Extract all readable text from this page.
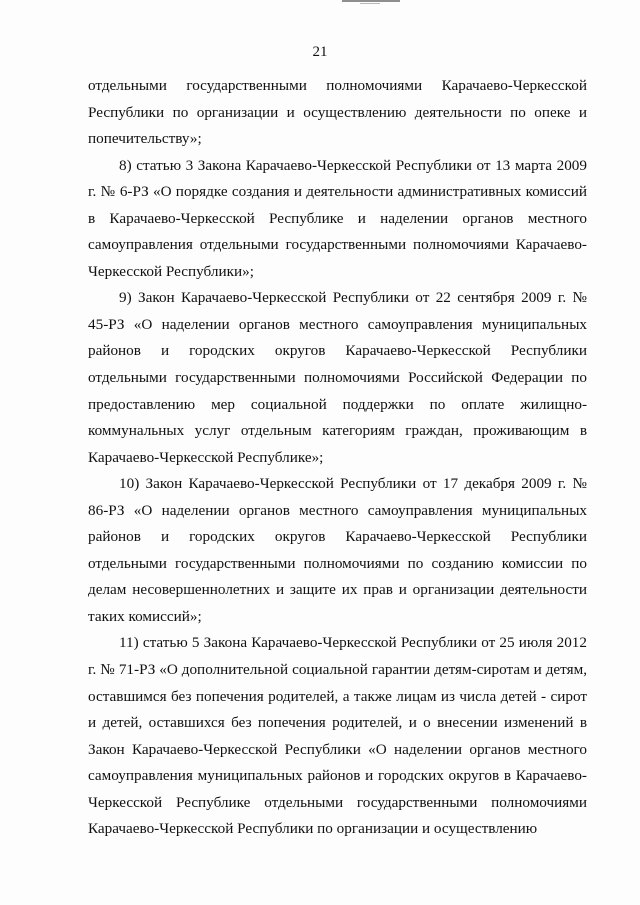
21

отдельными государственными полномочиями Карачаево-Черкесской Республики по организации и осуществлению деятельности по опеке и попечительству»;

8) статью 3 Закона Карачаево-Черкесской Республики от 13 марта 2009 г. № 6-РЗ «О порядке создания и деятельности административных комиссий в Карачаево-Черкесской Республике и наделении органов местного самоуправления отдельными государственными полномочиями Карачаево-Черкесской Республики»;

9) Закон Карачаево-Черкесской Республики от 22 сентября 2009 г. № 45-РЗ «О наделении органов местного самоуправления муниципальных районов и городских округов Карачаево-Черкесской Республики отдельными государственными полномочиями Российской Федерации по предоставлению мер социальной поддержки по оплате жилищно-коммунальных услуг отдельным категориям граждан, проживающим в Карачаево-Черкесской Республике»;

10) Закон Карачаево-Черкесской Республики от 17 декабря 2009 г. № 86-РЗ «О наделении органов местного самоуправления муниципальных районов и городских округов Карачаево-Черкесской Республики отдельными государственными полномочиями по созданию комиссии по делам несовершеннолетних и защите их прав и организации деятельности таких комиссий»;

11) статью 5 Закона Карачаево-Черкесской Республики от 25 июля 2012 г. № 71-РЗ «О дополнительной социальной гарантии детям-сиротам и детям, оставшимся без попечения родителей, а также лицам из числа детей - сирот и детей, оставшихся без попечения родителей, и о внесении изменений в Закон Карачаево-Черкесской Республики «О наделении органов местного самоуправления муниципальных районов и городских округов в Карачаево-Черкесской Республике отдельными государственными полномочиями Карачаево-Черкесской Республики по организации и осуществлению
